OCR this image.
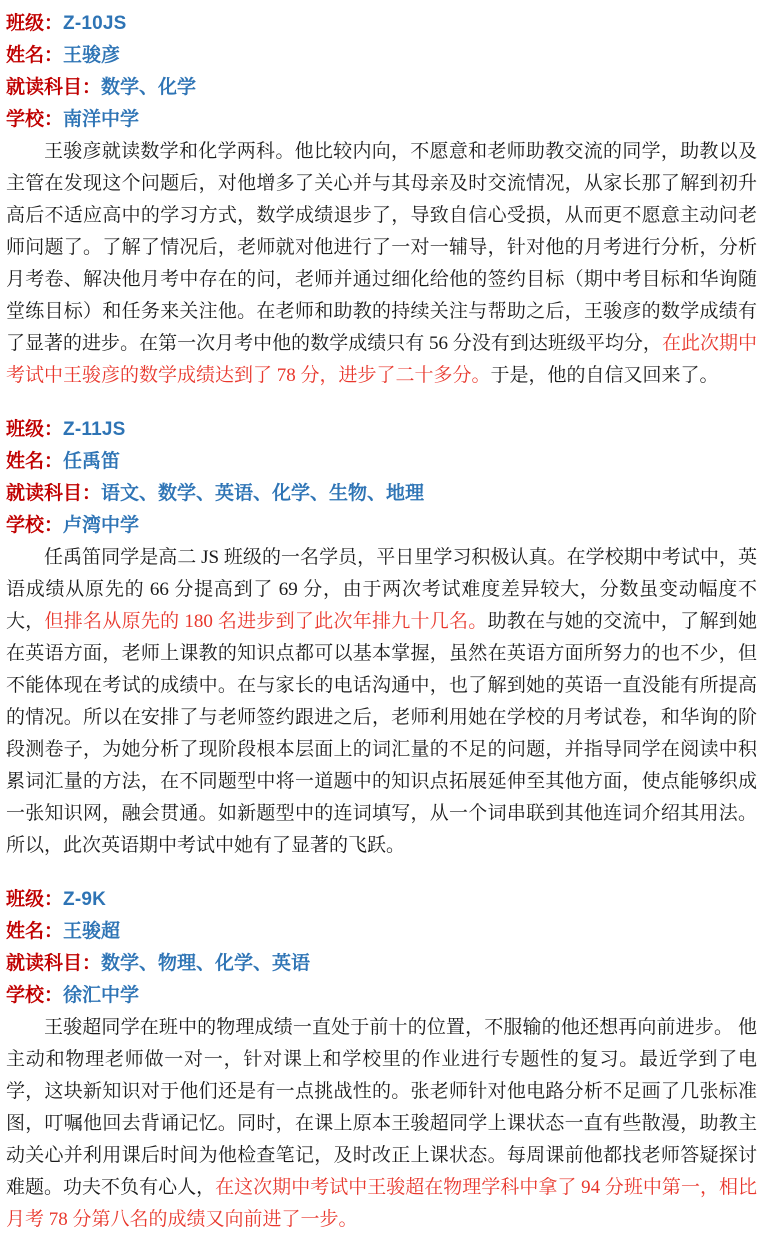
班级：Z-10JS
姓名：王骏彦
就读科目：数学、化学
学校：南洋中学

王骏彦就读数学和化学两科。他比较内向，不愿意和老师助教交流的同学，助教以及主管在发现这个问题后，对他增多了关心并与其母亲及时交流情况，从家长那了解到初升高后不适应高中的学习方式，数学成绩退步了，导致自信心受损，从而更不愿意主动问老师问题了。了解了情况后，老师就对他进行了一对一辅导，针对他的月考进行分析，分析月考卷、解决他月考中存在的问，老师并通过细化给他的签约目标（期中考目标和华询随堂练目标）和任务来关注他。在老师和助教的持续关注与帮助之后，王骏彦的数学成绩有了显著的进步。在第一次月考中他的数学成绩只有 56 分没有到达班级平均分，在此次期中考试中王骏彦的数学成绩达到了 78 分，进步了二十多分。于是，他的自信又回来了。

班级：Z-11JS
姓名：任禹笛
就读科目：语文、数学、英语、化学、生物、地理
学校：卢湾中学

任禹笛同学是高二 JS 班级的一名学员，平日里学习积极认真。在学校期中考试中，英语成绩从原先的 66 分提高到了 69 分，由于两次考试难度差异较大，分数虽变动幅度不大，但排名从原先的 180 名进步到了此次年排九十几名。助教在与她的交流中，了解到她在英语方面，老师上课教的知识点都可以基本掌握，虽然在英语方面所努力的也不少，但不能体现在考试的成绩中。在与家长的电话沟通中，也了解到她的英语一直没能有所提高的情况。所以在安排了与老师签约跟进之后，老师利用她在学校的月考试卷，和华询的阶段测卷子，为她分析了现阶段根本层面上的词汇量的不足的问题，并指导同学在阅读中积累词汇量的方法，在不同题型中将一道题中的知识点拓展延伸至其他方面，使点能够织成一张知识网，融会贯通。如新题型中的连词填写，从一个词串联到其他连词介绍其用法。所以，此次英语期中考试中她有了显著的飞跃。

班级：Z-9K
姓名：王骏超
就读科目：数学、物理、化学、英语
学校：徐汇中学

王骏超同学在班中的物理成绩一直处于前十的位置，不服输的他还想再向前进步。 他主动和物理老师做一对一，针对课上和学校里的作业进行专题性的复习。最近学到了电学，这块新知识对于他们还是有一点挑战性的。张老师针对他电路分析不足画了几张标准图，叮嘱他回去背诵记忆。同时，在课上原本王骏超同学上课状态一直有些散漫，助教主动关心并利用课后时间为他检查笔记，及时改正上课状态。每周课前他都找老师答疑探讨难题。功夫不负有心人，在这次期中考试中王骏超在物理学科中拿了 94 分班中第一，相比月考 78 分第八名的成绩又向前进了一步。
